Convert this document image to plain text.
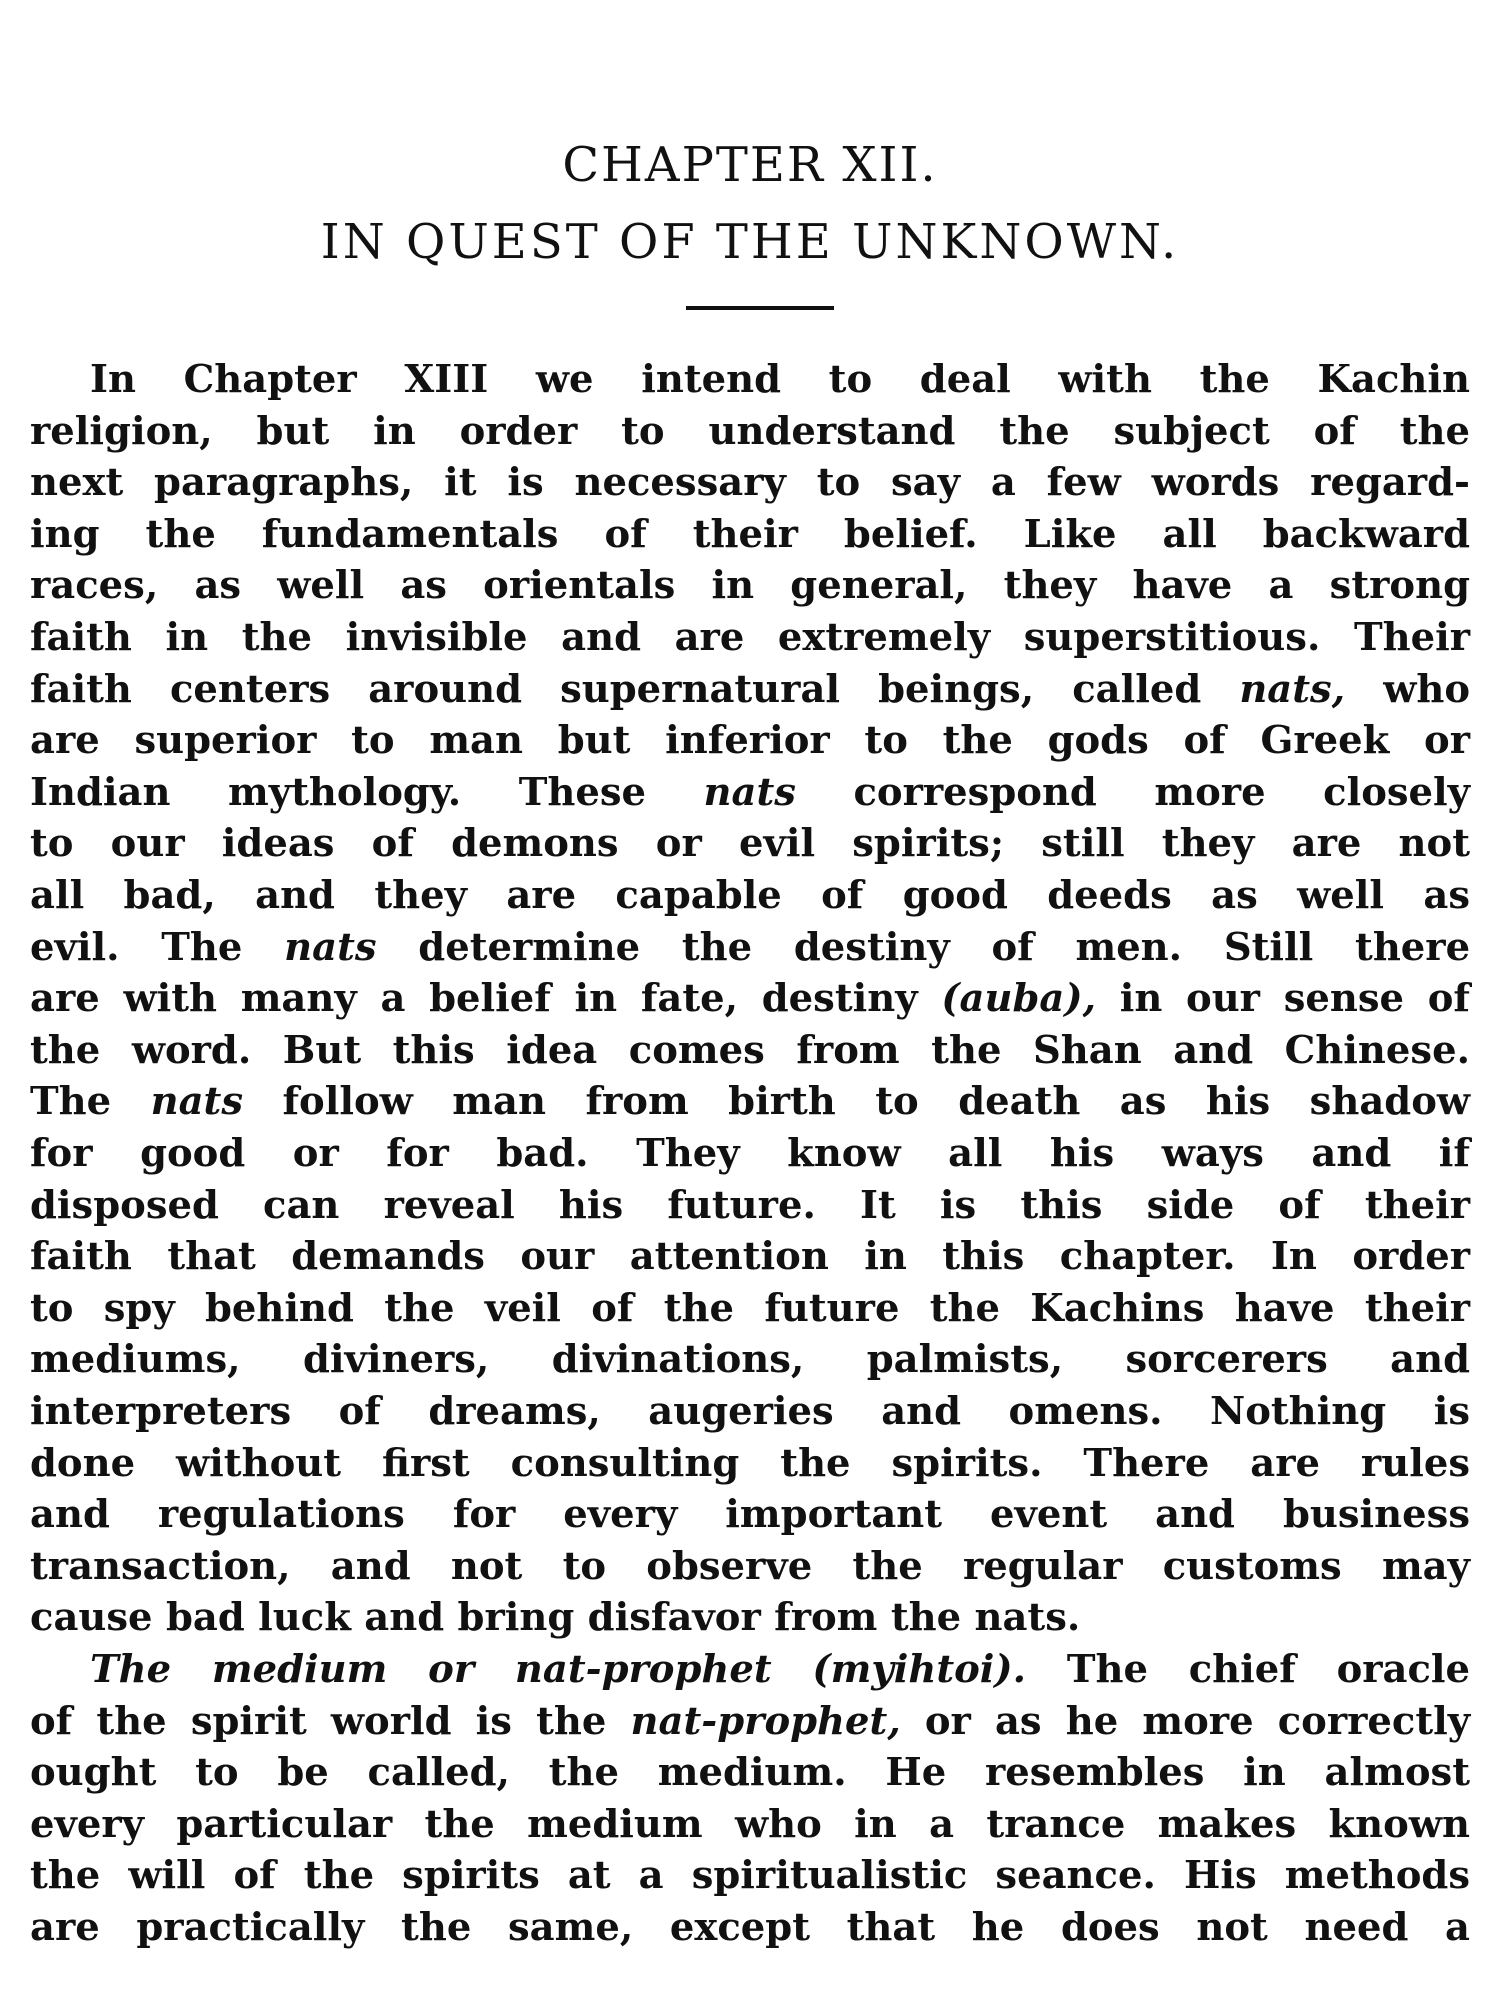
CHAPTER XII.
IN QUEST OF THE UNKNOWN.
In Chapter XIII we intend to deal with the Kachin
religion, but in order to understand the subject of the
next paragraphs, it is necessary to say a few words regard-
ing the fundamentals of their belief. Like all backward
races, as well as orientals in general, they have a strong
faith in the invisible and are extremely superstitious. Their
faith centers around supernatural beings, called nats, who
are superior to man but inferior to the gods of Greek or
Indian mythology. These nats correspond more closely
to our ideas of demons or evil spirits; still they are not
all bad, and they are capable of good deeds as well as
evil. The nats determine the destiny of men. Still there
are with many a belief in fate, destiny (auba), in our sense of
the word. But this idea comes from the Shan and Chinese.
The nats follow man from birth to death as his shadow
for good or for bad. They know all his ways and if
disposed can reveal his future. It is this side of their
faith that demands our attention in this chapter. In order
to spy behind the veil of the future the Kachins have their
mediums, diviners, divinations, palmists, sorcerers and
interpreters of dreams, augeries and omens. Nothing is
done without first consulting the spirits. There are rules
and regulations for every important event and business
transaction, and not to observe the regular customs may
cause bad luck and bring disfavor from the nats.
The medium or nat-prophet (myihtoi). The chief oracle
of the spirit world is the nat-prophet, or as he more correctly
ought to be called, the medium. He resembles in almost
every particular the medium who in a trance makes known
the will of the spirits at a spiritualistic seance. His methods
are practically the same, except that he does not need a
